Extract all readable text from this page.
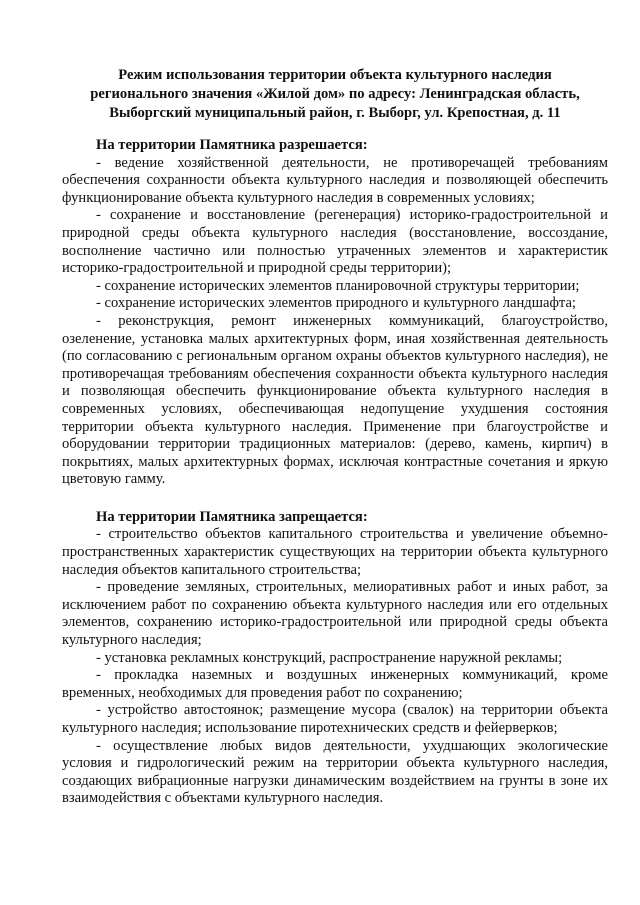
Режим использования территории объекта культурного наследия
регионального значения «Жилой дом» по адресу: Ленинградская область,
Выборгский муниципальный район, г. Выборг, ул. Крепостная, д. 11

На территории Памятника разрешается:

- ведение хозяйственной деятельности, не противоречащей требованиям обеспечения сохранности объекта культурного наследия и позволяющей обеспечить функционирование объекта культурного наследия в современных условиях;

- сохранение и восстановление (регенерация) историко-градостроительной и природной среды объекта культурного наследия (восстановление, воссоздание, восполнение частично или полностью утраченных элементов и характеристик историко-градостроительной и природной среды территории);

- сохранение исторических элементов планировочной структуры территории;

- сохранение исторических элементов природного и культурного ландшафта;

- реконструкция, ремонт инженерных коммуникаций, благоустройство, озеленение, установка малых архитектурных форм, иная хозяйственная деятельность (по согласованию с региональным органом охраны объектов культурного наследия), не противоречащая требованиям обеспечения сохранности объекта культурного наследия и позволяющая обеспечить функционирование объекта культурного наследия в современных условиях, обеспечивающая недопущение ухудшения состояния территории объекта культурного наследия. Применение при благоустройстве и оборудовании территории традиционных материалов: (дерево, камень, кирпич) в покрытиях, малых архитектурных формах, исключая контрастные сочетания и яркую цветовую гамму.

На территории Памятника запрещается:

- строительство объектов капитального строительства и увеличение объемно-пространственных характеристик существующих на территории объекта культурного наследия объектов капитального строительства;

- проведение земляных, строительных, мелиоративных работ и иных работ, за исключением работ по сохранению объекта культурного наследия или его отдельных элементов, сохранению историко-градостроительной или природной среды объекта культурного наследия;

- установка рекламных конструкций, распространение наружной рекламы;

- прокладка наземных и воздушных инженерных коммуникаций, кроме временных, необходимых для проведения работ по сохранению;

- устройство автостоянок; размещение мусора (свалок) на территории объекта культурного наследия; использование пиротехнических средств и фейерверков;

- осуществление любых видов деятельности, ухудшающих экологические условия и гидрологический режим на территории объекта культурного наследия, создающих вибрационные нагрузки динамическим воздействием на грунты в зоне их взаимодействия с объектами культурного наследия.
